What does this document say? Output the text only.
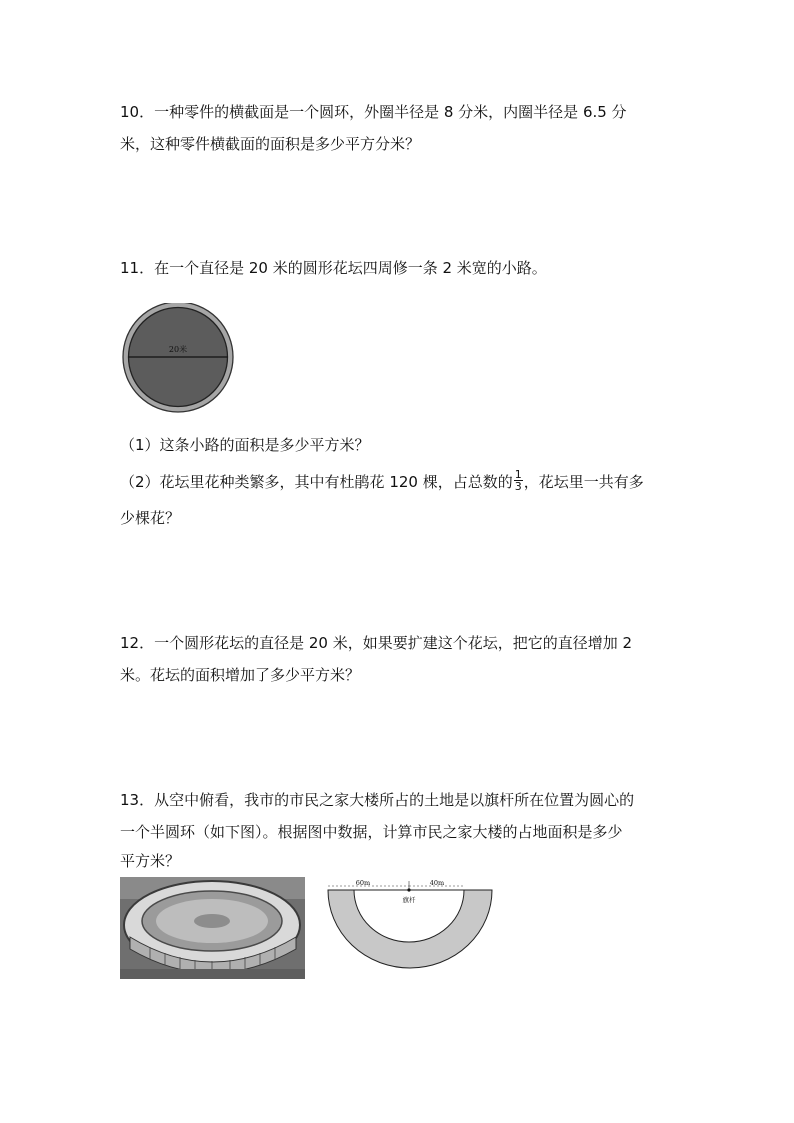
10．一种零件的横截面是一个圆环，外圈半径是 8 分米，内圈半径是 6.5 分
米，这种零件横截面的面积是多少平方分米？
11．在一个直径是 20 米的圆形花坛四周修一条 2 米宽的小路。
20米
（1）这条小路的面积是多少平方米？
（2）花坛里花种类繁多，其中有杜鹃花 120 棵，占总数的 $\frac{1}{3}$ ，花坛里一共有多
少棵花？
12．一个圆形花坛的直径是 20 米，如果要扩建这个花坛，把它的直径增加 2
米。花坛的面积增加了多少平方米？
13．从空中俯看，我市的市民之家大楼所占的土地是以旗杆所在位置为圆心的
一个半圆环（如下图）。根据图中数据，计算市民之家大楼的占地面积是多少
平方米？
60m	40m
旗杆
